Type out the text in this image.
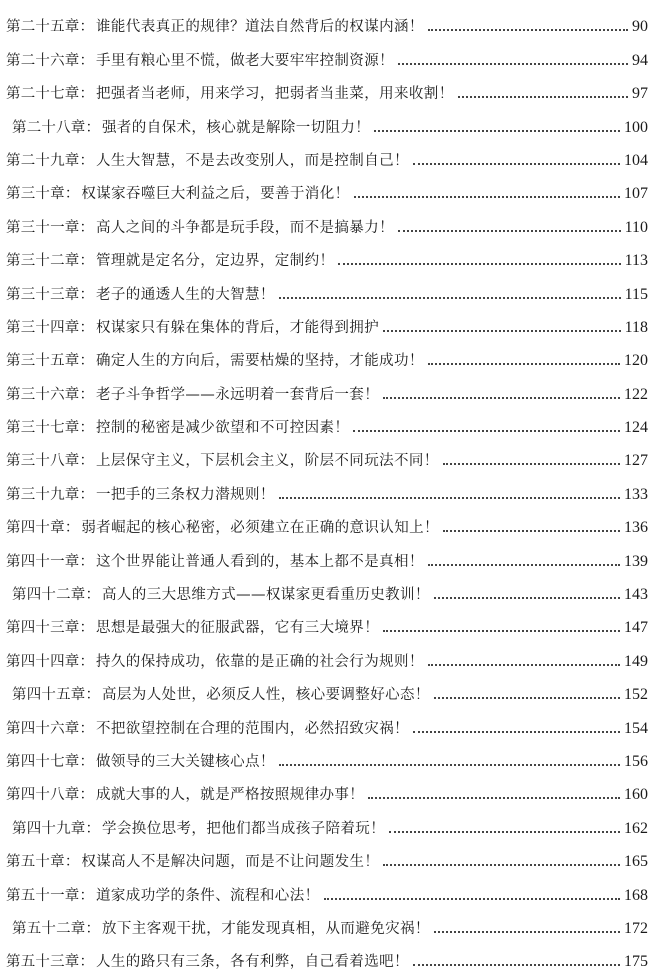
第二十五章 ： 谁能代表真正的规律？道法自然背后的权谋内涵！	90
第二十六章 ： 手里有粮心里不慌，做老大要牢牢控制资源！	94
第二十七章 ： 把强者当老师，用来学习，把弱者当韭菜，用来收割！	97
第二十八章 ： 强者的自保术，核心就是解除一切阻力！	100
第二十九章 ： 人生大智慧，不是去改变别人，而是控制自己！	104
第三十章 ： 权谋家吞噬巨大利益之后，要善于消化！	107
第三十一章 ： 高人之间的斗争都是玩手段，而不是搞暴力！	110
第三十二章 ： 管理就是定名分，定边界，定制约！	113
第三十三章 ： 老子的通透人生的大智慧！	115
第三十四章 ： 权谋家只有躲在集体的背后，才能得到拥护	118
第三十五章 ： 确定人生的方向后，需要枯燥的坚持，才能成功！	120
第三十六章 ： 老子斗争哲学——永远明着一套背后一套！	122
第三十七章 ： 控制的秘密是减少欲望和不可控因素！	124
第三十八章 ： 上层保守主义，下层机会主义，阶层不同玩法不同！	127
第三十九章 ： 一把手的三条权力潜规则！	133
第四十章 ： 弱者崛起的核心秘密，必须建立在正确的意识认知上！	136
第四十一章 ： 这个世界能让普通人看到的，基本上都不是真相！	139
第四十二章 ： 高人的三大思维方式——权谋家更看重历史教训！	143
第四十三章 ： 思想是最强大的征服武器，它有三大境界！	147
第四十四章 ： 持久的保持成功，依靠的是正确的社会行为规则！	149
第四十五章 ： 高层为人处世，必须反人性，核心要调整好心态！	152
第四十六章 ： 不把欲望控制在合理的范围内，必然招致灾祸！	154
第四十七章 ： 做领导的三大关键核心点！	156
第四十八章 ： 成就大事的人，就是严格按照规律办事！	160
第四十九章 ： 学会换位思考，把他们都当成孩子陪着玩！	162
第五十章 ： 权谋高人不是解决问题，而是不让问题发生！	165
第五十一章 ： 道家成功学的条件、流程和心法！	168
第五十二章 ： 放下主客观干扰，才能发现真相，从而避免灾祸！	172
第五十三章 ： 人生的路只有三条，各有利弊，自己看着选吧！	175
